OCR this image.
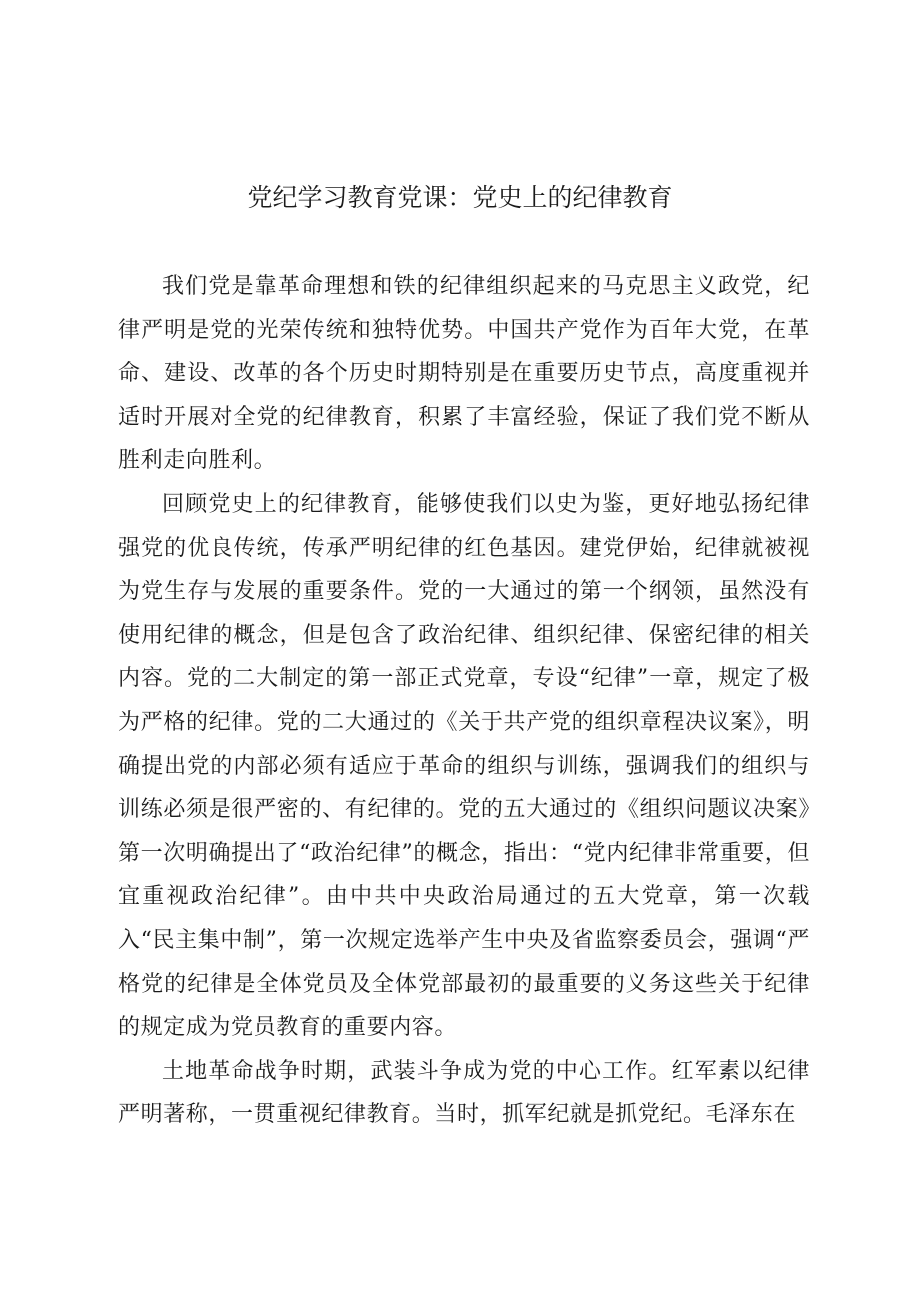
党纪学习教育党课：党史上的纪律教育

我们党是靠革命理想和铁的纪律组织起来的马克思主义政党，纪律严明是党的光荣传统和独特优势。中国共产党作为百年大党，在革命、建设、改革的各个历史时期特别是在重要历史节点，高度重视并适时开展对全党的纪律教育，积累了丰富经验，保证了我们党不断从胜利走向胜利。

回顾党史上的纪律教育，能够使我们以史为鉴，更好地弘扬纪律强党的优良传统，传承严明纪律的红色基因。建党伊始，纪律就被视为党生存与发展的重要条件。党的一大通过的第一个纲领，虽然没有使用纪律的概念，但是包含了政治纪律、组织纪律、保密纪律的相关内容。党的二大制定的第一部正式党章，专设“纪律”一章，规定了极为严格的纪律。党的二大通过的《关于共产党的组织章程决议案》，明确提出党的内部必须有适应于革命的组织与训练，强调我们的组织与训练必须是很严密的、有纪律的。党的五大通过的《组织问题议决案》第一次明确提出了“政治纪律”的概念，指出：“党内纪律非常重要，但宜重视政治纪律”。由中共中央政治局通过的五大党章，第一次载入“民主集中制”，第一次规定选举产生中央及省监察委员会，强调“严格党的纪律是全体党员及全体党部最初的最重要的义务这些关于纪律的规定成为党员教育的重要内容。

土地革命战争时期，武装斗争成为党的中心工作。红军素以纪律严明著称，一贯重视纪律教育。当时，抓军纪就是抓党纪。毛泽东在
